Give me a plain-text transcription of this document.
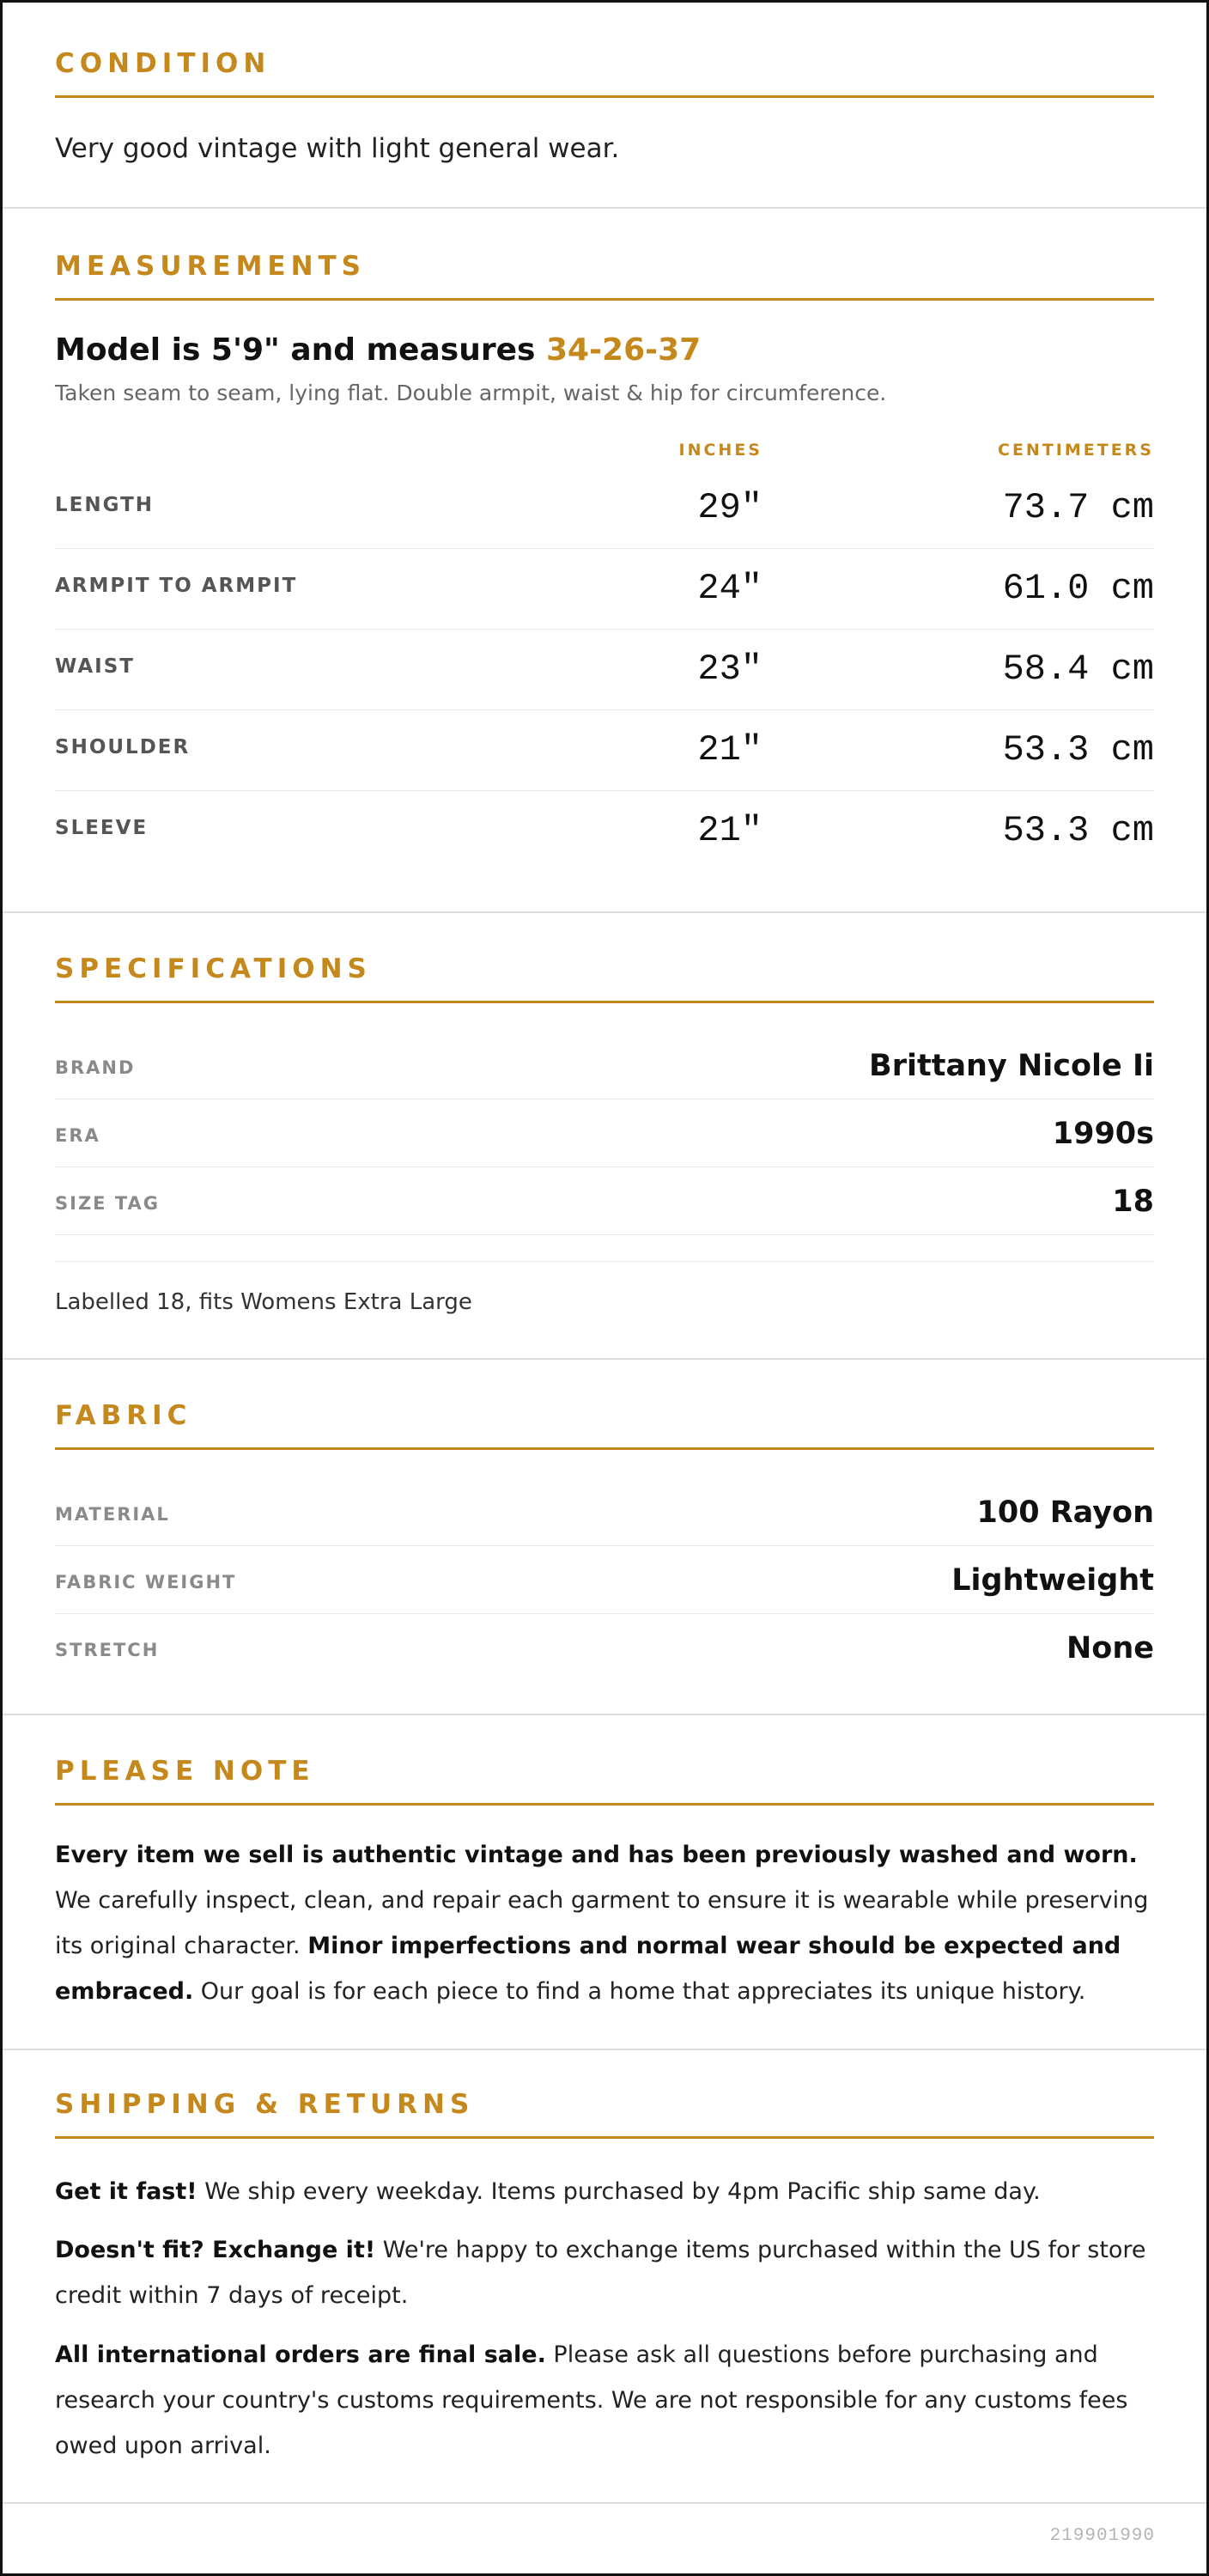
CONDITION
Very good vintage with light general wear.
MEASUREMENTS
Model is 5'9" and measures 34-26-37
Taken seam to seam, lying flat. Double armpit, waist & hip for circumference.
INCHES	CENTIMETERS
LENGTH	29"	73.7 cm
ARMPIT TO ARMPIT	24"	61.0 cm
WAIST	23"	58.4 cm
SHOULDER	21"	53.3 cm
SLEEVE	21"	53.3 cm
SPECIFICATIONS
BRAND	Brittany Nicole Ii
ERA	1990s
SIZE TAG	18
Labelled 18, fits Womens Extra Large
FABRIC
MATERIAL	100 Rayon
FABRIC WEIGHT	Lightweight
STRETCH	None
PLEASE NOTE
Every item we sell is authentic vintage and has been previously washed and worn. We carefully inspect, clean, and repair each garment to ensure it is wearable while preserving its original character. Minor imperfections and normal wear should be expected and embraced. Our goal is for each piece to find a home that appreciates its unique history.
SHIPPING & RETURNS
Get it fast! We ship every weekday. Items purchased by 4pm Pacific ship same day.
Doesn't fit? Exchange it! We're happy to exchange items purchased within the US for store credit within 7 days of receipt.
All international orders are final sale. Please ask all questions before purchasing and research your country's customs requirements. We are not responsible for any customs fees owed upon arrival.
219901990
